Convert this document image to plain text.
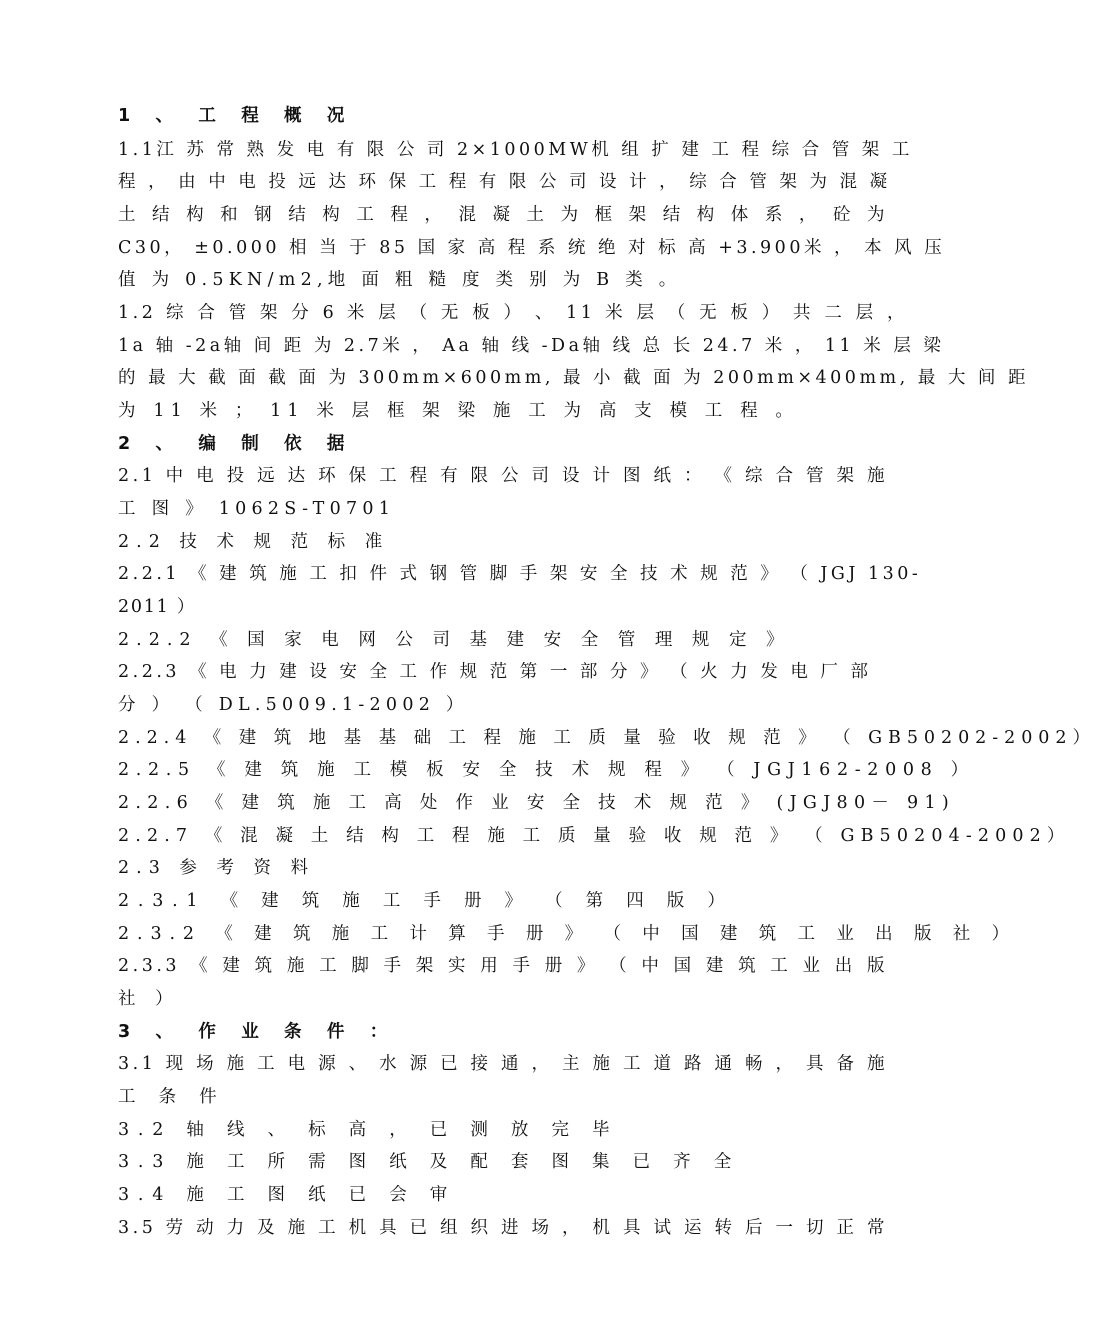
1 、 工 程 概 况
1.1江 苏 常 熟 发 电 有 限 公 司 2×1000MW机 组 扩 建 工 程 综 合 管 架 工
程 ， 由 中 电 投 远 达 环 保 工 程 有 限 公 司 设 计 ， 综 合 管 架 为 混 凝
土 结 构 和 钢 结 构 工 程 ， 混 凝 土 为 框 架 结 构 体 系 ， 砼 为
C30， ±0.000 相 当 于 85 国 家 高 程 系 统 绝 对 标 高 +3.900米 ， 本 风 压
值 为 0.5KN/m2,地 面 粗 糙 度 类 别 为 B 类 。
1.2 综 合 管 架 分 6 米 层 （ 无 板 ） 、 11 米 层 （ 无 板 ） 共 二 层 ，
1a 轴 -2a轴 间 距 为 2.7米 ， Aa 轴 线 -Da轴 线 总 长 24.7 米 ， 11 米 层 梁
的 最 大 截 面 截 面 为 300mm×600mm, 最 小 截 面 为 200mm×400mm, 最 大 间 距
为 11 米 ； 11 米 层 框 架 梁 施 工 为 高 支 模 工 程 。
2 、 编 制 依 据
2.1 中 电 投 远 达 环 保 工 程 有 限 公 司 设 计 图 纸 ： 《 综 合 管 架 施
工 图 》 1062S-T0701
2.2 技 术 规 范 标 准
2.2.1 《 建 筑 施 工 扣 件 式 钢 管 脚 手 架 安 全 技 术 规 范 》 （ JGJ 130-
2011 ）
2.2.2 《 国 家 电 网 公 司 基 建 安 全 管 理 规 定 》
2.2.3 《 电 力 建 设 安 全 工 作 规 范 第 一 部 分 》 （ 火 力 发 电 厂 部
分 ） （ DL.5009.1-2002 ）
2.2.4 《 建 筑 地 基 基 础 工 程 施 工 质 量 验 收 规 范 》 （ GB50202-2002）
2.2.5 《 建 筑 施 工 模 板 安 全 技 术 规 程 》 （ JGJ162-2008 ）
2.2.6 《 建 筑 施 工 高 处 作 业 安 全 技 术 规 范 》 (JGJ80－ 91)
2.2.7 《 混 凝 土 结 构 工 程 施 工 质 量 验 收 规 范 》 （ GB50204-2002）
2.3 参 考 资 料
2.3.1 《 建 筑 施 工 手 册 》 （ 第 四 版 ）
2.3.2 《 建 筑 施 工 计 算 手 册 》 （ 中 国 建 筑 工 业 出 版 社 ）
2.3.3 《 建 筑 施 工 脚 手 架 实 用 手 册 》 （ 中 国 建 筑 工 业 出 版
社 ）
3 、 作 业 条 件 ：
3.1 现 场 施 工 电 源 、 水 源 已 接 通 ， 主 施 工 道 路 通 畅 ， 具 备 施
工 条 件
3.2 轴 线 、 标 高 ， 已 测 放 完 毕
3.3 施 工 所 需 图 纸 及 配 套 图 集 已 齐 全
3.4 施 工 图 纸 已 会 审
3.5 劳 动 力 及 施 工 机 具 已 组 织 进 场 ， 机 具 试 运 转 后 一 切 正 常
